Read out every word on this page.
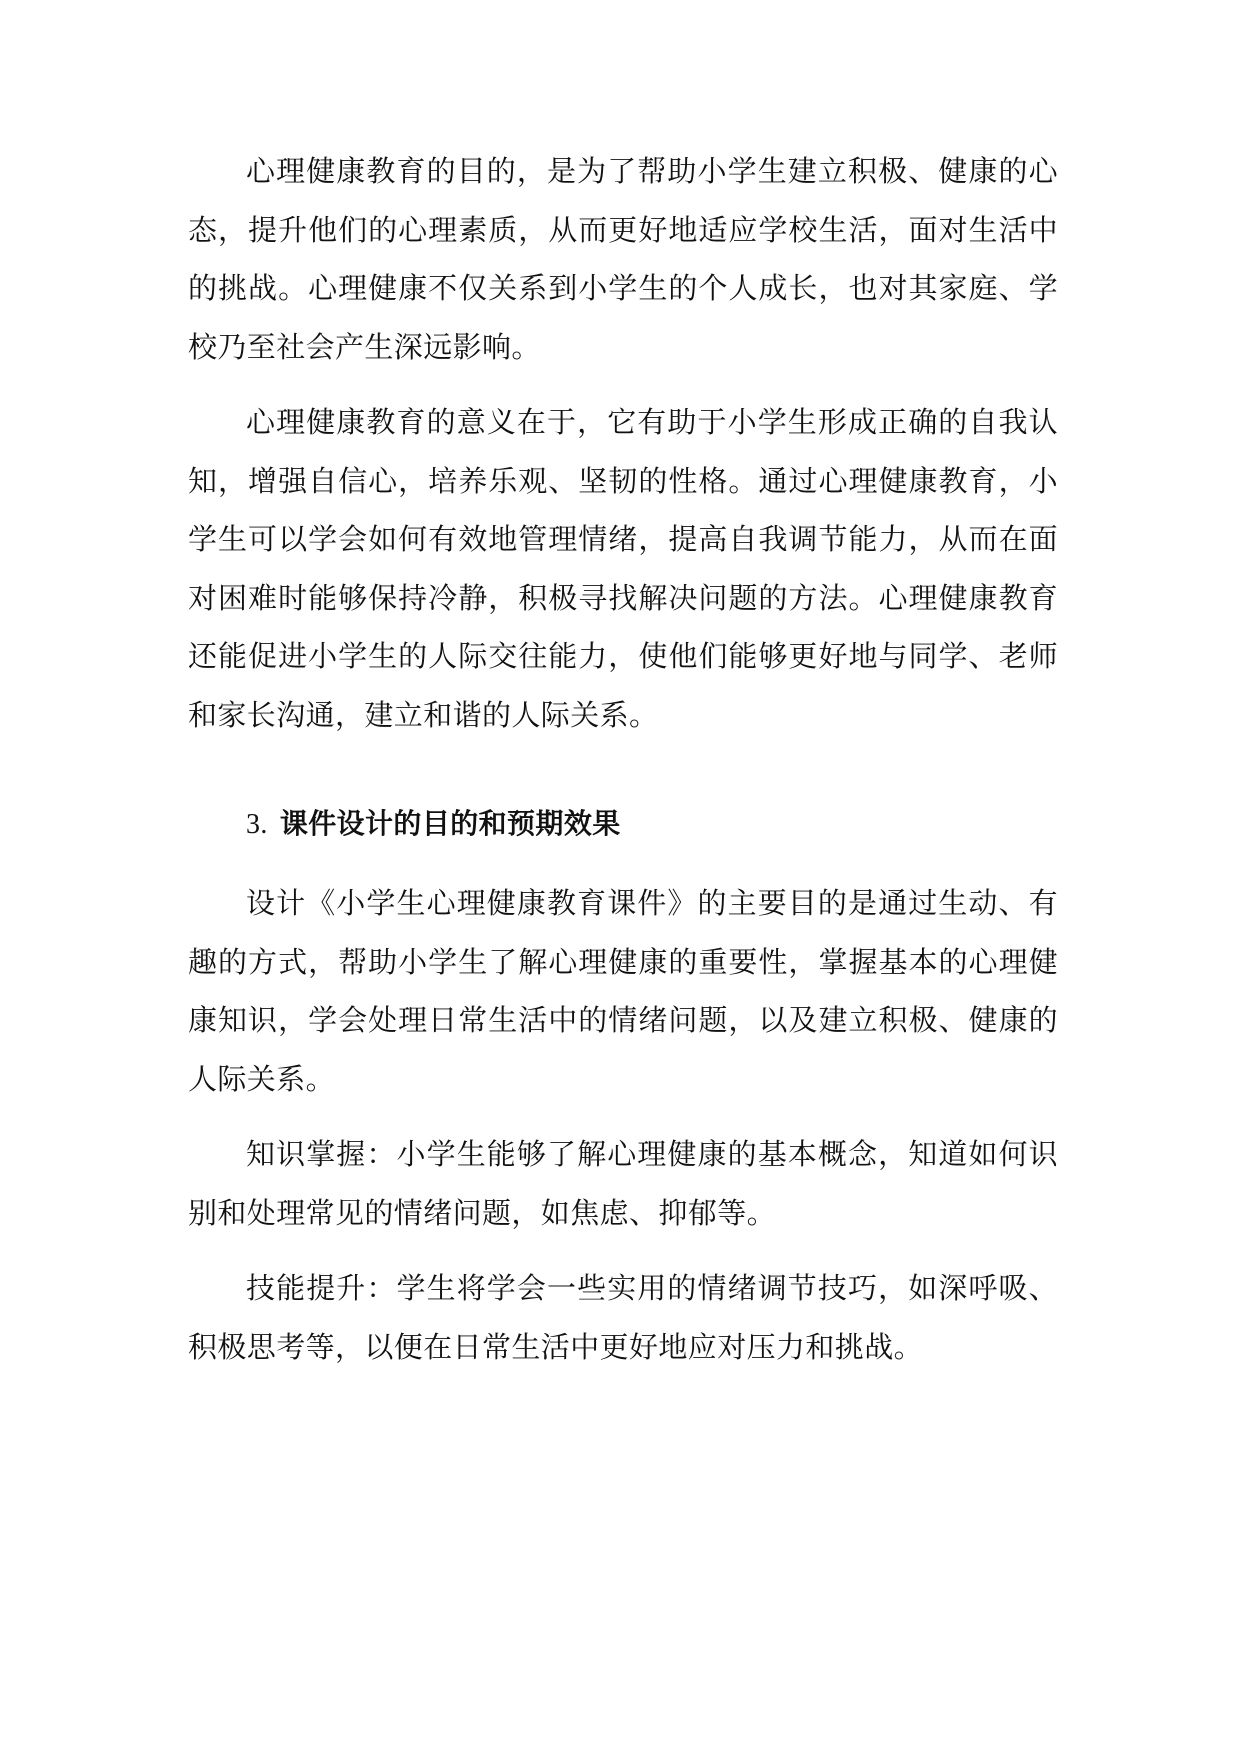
心理健康教育的目的，是为了帮助小学生建立积极、健康的心态，提升他们的心理素质，从而更好地适应学校生活，面对生活中的挑战。心理健康不仅关系到小学生的个人成长，也对其家庭、学校乃至社会产生深远影响。

心理健康教育的意义在于，它有助于小学生形成正确的自我认知，增强自信心，培养乐观、坚韧的性格。通过心理健康教育，小学生可以学会如何有效地管理情绪，提高自我调节能力，从而在面对困难时能够保持冷静，积极寻找解决问题的方法。心理健康教育还能促进小学生的人际交往能力，使他们能够更好地与同学、老师和家长沟通，建立和谐的人际关系。

3. 课件设计的目的和预期效果

设计《小学生心理健康教育课件》的主要目的是通过生动、有趣的方式，帮助小学生了解心理健康的重要性，掌握基本的心理健康知识，学会处理日常生活中的情绪问题，以及建立积极、健康的人际关系。

知识掌握：小学生能够了解心理健康的基本概念，知道如何识别和处理常见的情绪问题，如焦虑、抑郁等。

技能提升：学生将学会一些实用的情绪调节技巧，如深呼吸、积极思考等，以便在日常生活中更好地应对压力和挑战。
